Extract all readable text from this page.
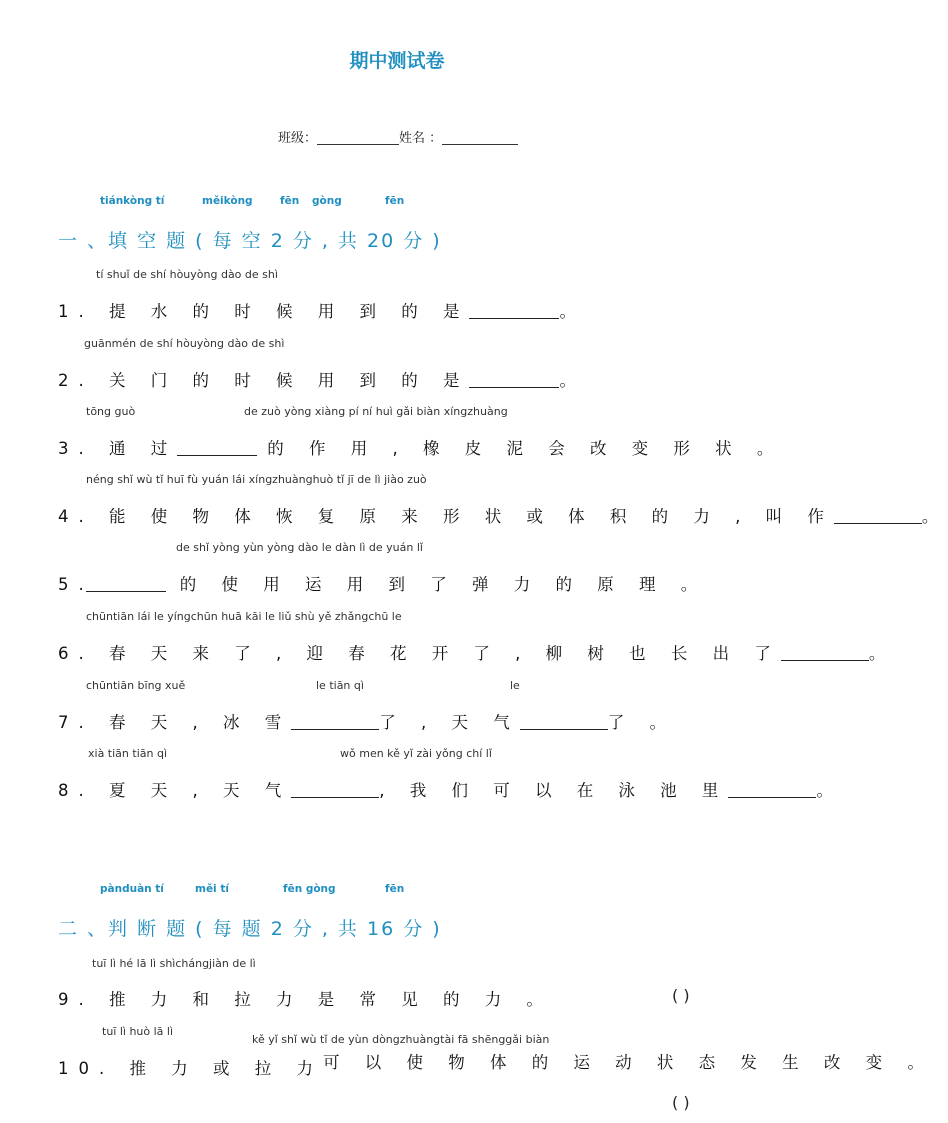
期中测试卷
班级：	姓名 ：
tiánkòng tí	měikòng	fēn gòng	fēn
一 、填 空 题 ( 每 空 2 分 , 共 20 分 )
tí shuǐ de shí hòuyòng dào de shì
1. 提 水 的 时 候 用 到 的 是	。
guānmén de shí hòuyòng dào de shì
2. 关 门 的 时 候 用 到 的 是	。
tōng guò	de zuò yòng xiàng pí ní huì gǎi biàn xíngzhuàng
3. 通 过	的 作 用 , 橡 皮 泥 会 改 变 形 状 。
néng shǐ wù tǐ huī fù yuán lái xíngzhuànghuò tǐ jī de lì jiào zuò
4. 能 使 物 体 恢 复 原 来 形 状 或 体 积 的 力 , 叫 作	。
de shǐ yòng yùn yòng dào le dàn lì de yuán lǐ
5.	的 使 用 运 用 到 了 弹 力 的 原 理 。
chūntiān lái le yíngchūn huā kāi le liǔ shù yě zhǎngchū le
6. 春 天 来 了 , 迎 春 花 开 了 , 柳 树 也 长 出 了	。
chūntiān bīng xuě	le tiān qì	le
7. 春 天 , 冰 雪	了 , 天 气	了 。
xià tiān tiān qì	wǒ men kě yǐ zài yǒng chí lǐ
8. 夏 天 , 天 气	, 我 们 可 以 在 泳 池 里	。
pànduàn tí	měi tí	fēn gòng	fēn
二 、判 断 题 ( 每 题 2 分 , 共 16 分 )
tuī lì hé lā lì shìchángjiàn de lì
9. 推 力 和 拉 力 是 常 见 的 力 。	( )
tuī lì huò lā lì
kě yǐ shǐ wù tǐ de yùn dòngzhuàngtài fā shēnggǎi biàn
10. 推 力 或 拉 力可 以 使 物 体 的 运 动 状 态 发 生 改 变 。
( )
